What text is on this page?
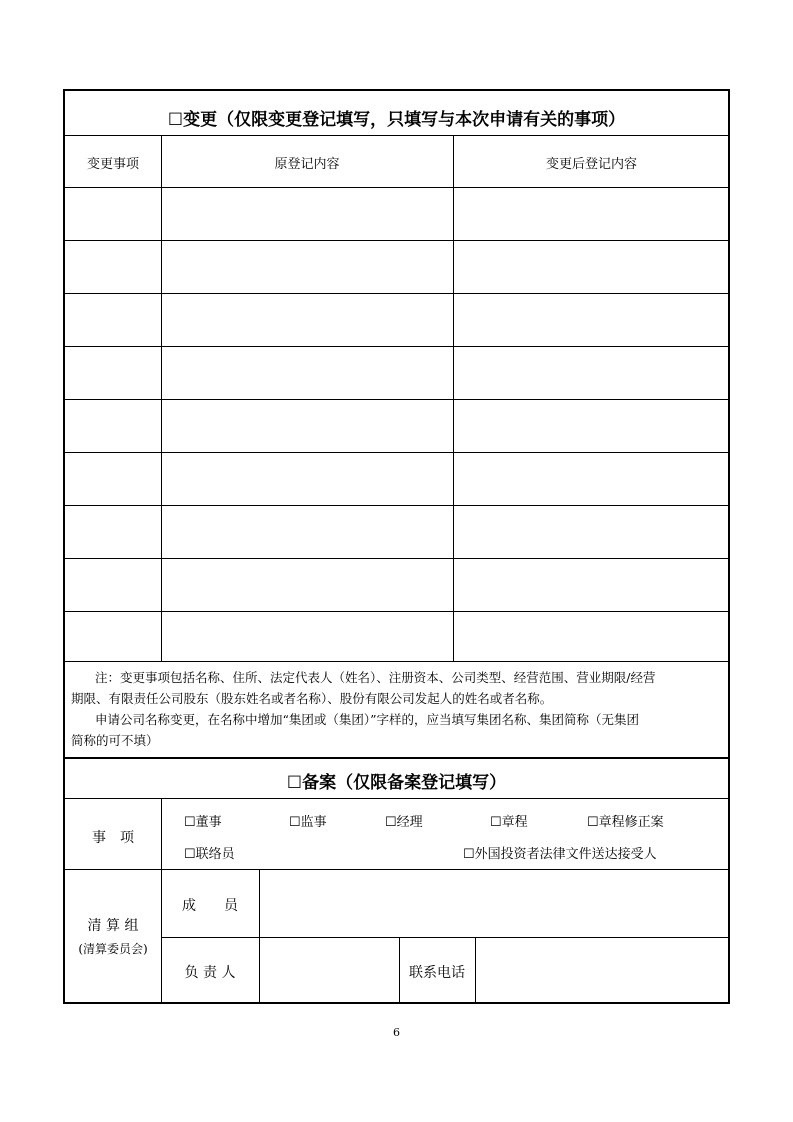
☐变更（仅限变更登记填写，只填写与本次申请有关的事项）
变更事项	原登记内容	变更后登记内容
注：变更事项包括名称、住所、法定代表人（姓名）、注册资本、公司类型、经营范围、营业期限/经营
期限、有限责任公司股东（股东姓名或者名称）、股份有限公司发起人的姓名或者名称。
申请公司名称变更，在名称中增加“集团或（集团）”字样的，应当填写集团名称、集团简称（无集团
简称的可不填）
☐备案（仅限备案登记填写）
事　项
☐董事	☐监事	☐经理	☐章程	☐章程修正案
☐联络员	☐外国投资者法律文件送达接受人
清 算 组
(清算委员会)
成　　员
负 责 人	联系电话
6
